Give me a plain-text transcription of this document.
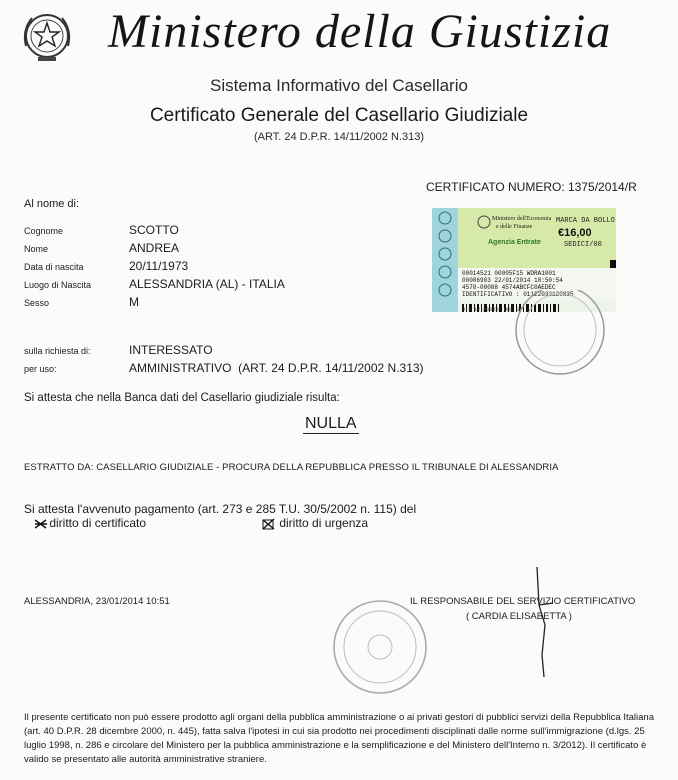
Ministero della Giustizia
Sistema Informativo del Casellario
Certificato Generale del Casellario Giudiziale
(ART. 24 D.P.R. 14/11/2002 N.313)
CERTIFICATO NUMERO: 1375/2014/R
Ministero dell'Economia
e delle Finanze
MARCA DA BOLLO
€16,00
SEDICI/00
Agenzia Entrate
00014521 00005F15 WDRA1001
00006903 22/01/2014 18:50:54
4578-00088 4574ABCFC0AEDEC
IDENTIFICATIVO : 01122032120835
0 1 12 203232 083 5
Al nome di:
Cognome	SCOTTO
Nome	ANDREA
Data di nascita	20/11/1973
Luogo di Nascita	ALESSANDRIA (AL) - ITALIA
Sesso	M
sulla richiesta di:	INTERESSATO
per uso:	AMMINISTRATIVO  (ART. 24 D.P.R. 14/11/2002 N.313)
Si attesta che nella Banca dati del Casellario giudiziale risulta:
NULLA
ESTRATTO DA: CASELLARIO GIUDIZIALE - PROCURA DELLA REPUBBLICA PRESSO IL TRIBUNALE DI ALESSANDRIA
Si attesta l'avvenuto pagamento (art. 273 e 285 T.U. 30/5/2002 n. 115) del
diritto di certificato	diritto di urgenza
ALESSANDRIA, 23/01/2014 10:51	IL RESPONSABILE DEL SERVIZIO CERTIFICATIVO
( CARDIA ELISABETTA )
Il presente certificato non può essere prodotto agli organi della pubblica amministrazione o ai privati gestori di pubblici servizi della Repubblica Italiana (art. 40 D.P.R. 28 dicembre 2000, n. 445), fatta salva l'ipotesi in cui sia prodotto nei procedimenti disciplinati dalle norme sull'immigrazione (d.lgs. 25 luglio 1998, n. 286 e circolare del Ministero per la pubblica amministrazione e la semplificazione e del Ministero dell'Interno n. 3/2012). Il certificato è valido se presentato alle autorità amministrative straniere.
